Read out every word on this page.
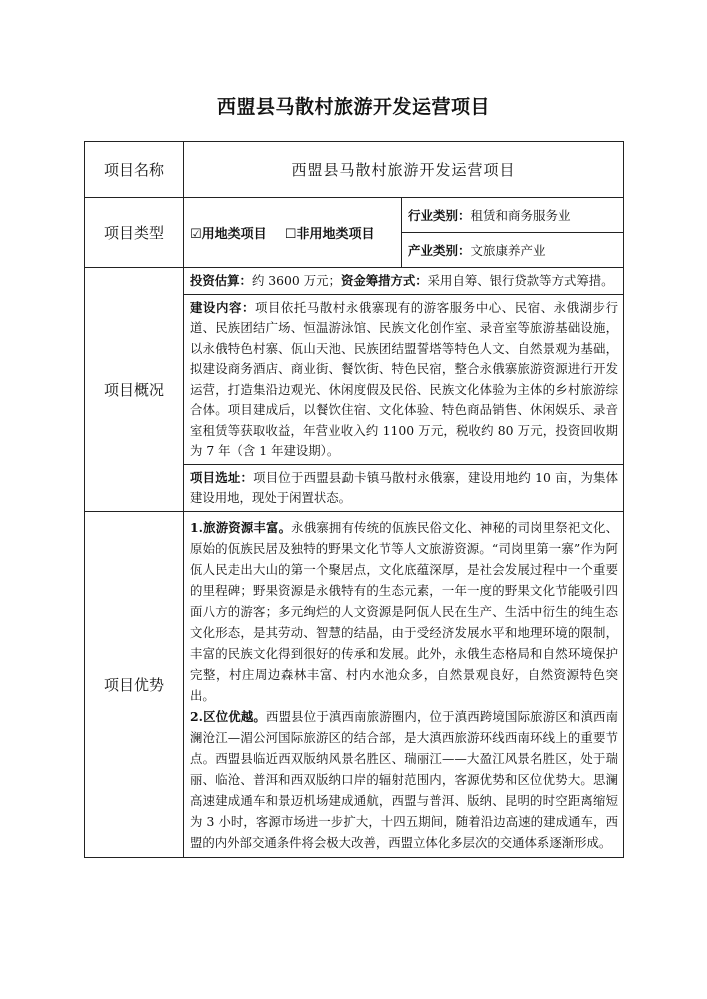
西盟县马散村旅游开发运营项目
项目名称	西盟县马散村旅游开发运营项目	
项目类型	☑用地类项目 ☐非用地类项目	行业类别：租赁和商务服务业
		产业类别：文旅康养产业
项目概况	投资估算：约 3600 万元；资金筹措方式：采用自筹、银行贷款等方式筹措。	
	建设内容：项目依托马散村永俄寨现有的游客服务中心、民宿、永俄湖步行道、民族团结广场、恒温游泳馆、民族文化创作室、录音室等旅游基础设施，以永俄特色村寨、佤山天池、民族团结盟誓塔等特色人文、自然景观为基础，拟建设商务酒店、商业街、餐饮街、特色民宿，整合永俄寨旅游资源进行开发运营，打造集沿边观光、休闲度假及民俗、民族文化体验为主体的乡村旅游综合体。项目建成后，以餐饮住宿、文化体验、特色商品销售、休闲娱乐、录音室租赁等获取收益，年营业收入约 1100 万元，税收约 80 万元，投资回收期为 7 年（含 1 年建设期）。	
	项目选址：项目位于西盟县勐卡镇马散村永俄寨，建设用地约 10 亩，为集体建设用地，现处于闲置状态。	
项目优势	1.旅游资源丰富。永俄寨拥有传统的佤族民俗文化、神秘的司岗里祭祀文化、原始的佤族民居及独特的野果文化节等人文旅游资源。“司岗里第一寨”作为阿佤人民走出大山的第一个聚居点，文化底蕴深厚，是社会发展过程中一个重要的里程碑；野果资源是永俄特有的生态元素，一年一度的野果文化节能吸引四面八方的游客；多元绚烂的人文资源是阿佤人民在生产、生活中衍生的纯生态文化形态，是其劳动、智慧的结晶，由于受经济发展水平和地理环境的限制，丰富的民族文化得到很好的传承和发展。此外，永俄生态格局和自然环境保护完整，村庄周边森林丰富、村内水池众多，自然景观良好，自然资源特色突出。
2.区位优越。西盟县位于滇西南旅游圈内，位于滇西跨境国际旅游区和滇西南澜沧江—湄公河国际旅游区的结合部，是大滇西旅游环线西南环线上的重要节点。西盟县临近西双版纳风景名胜区、瑞丽江——大盈江风景名胜区，处于瑞丽、临沧、普洱和西双版纳口岸的辐射范围内，客源优势和区位优势大。思澜高速建成通车和景迈机场建成通航，西盟与普洱、版纳、昆明的时空距离缩短为 3 小时，客源市场进一步扩大，十四五期间，随着沿边高速的建成通车，西盟的内外部交通条件将会极大改善，西盟立体化多层次的交通体系逐渐形成。	
